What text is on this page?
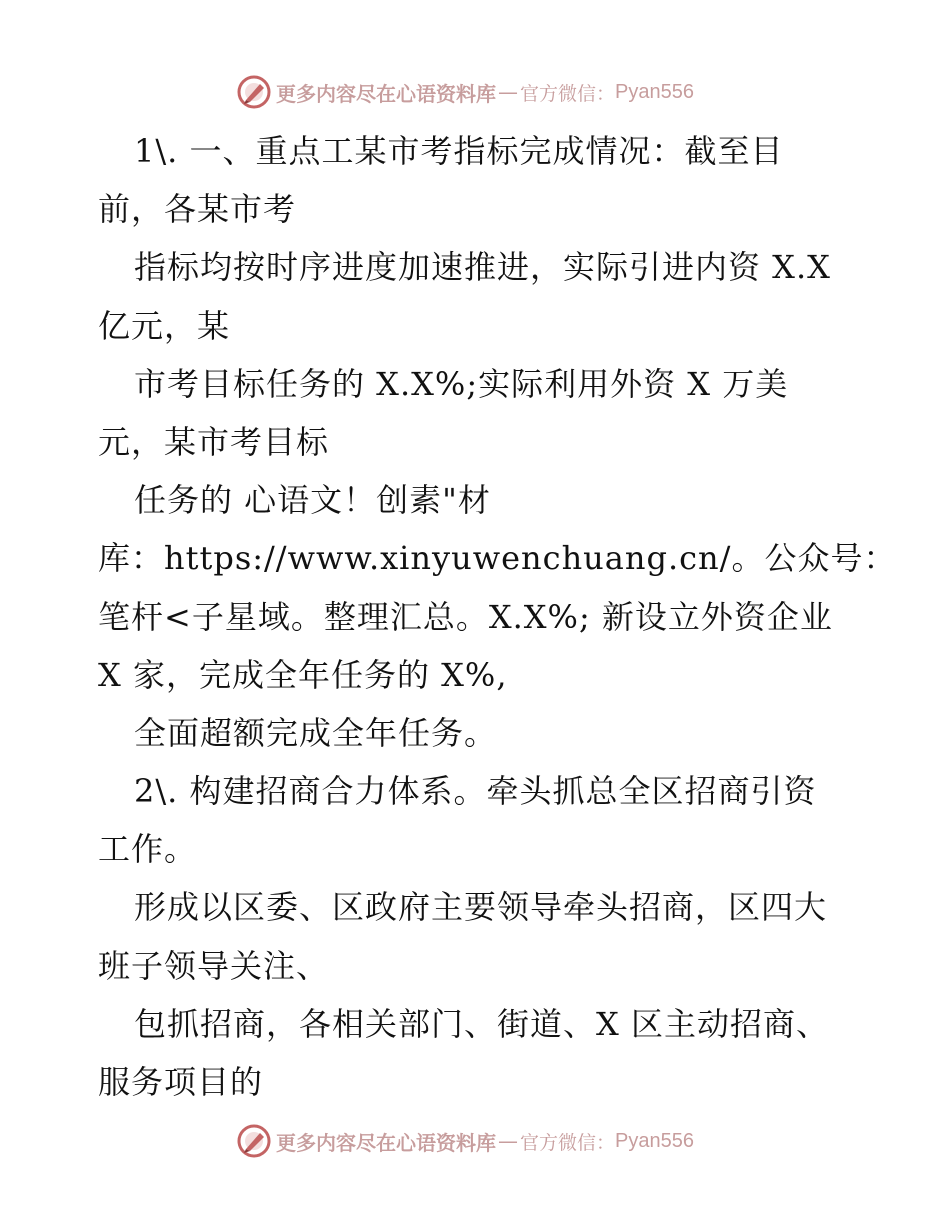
更多内容尽在心语资料库 — 官方微信： Pyan556
1\. 一、重点工某市考指标完成情况：截至目
前，各某市考
指标均按时序进度加速推进，实际引进内资 X.X
亿元，某
市考目标任务的 X.X%;实际利用外资 X 万美
元，某市考目标
任务的 心语文！创素"材
库：https://www.xinyuwenchuang.cn/。公众号：
笔杆<子星域。整理汇总。X.X%; 新设立外资企业
X 家，完成全年任务的 X%,
全面超额完成全年任务。
2\. 构建招商合力体系。牵头抓总全区招商引资
工作。
形成以区委、区政府主要领导牵头招商，区四大
班子领导关注、
包抓招商，各相关部门、街道、X 区主动招商、
服务项目的
更多内容尽在心语资料库 — 官方微信： Pyan556
